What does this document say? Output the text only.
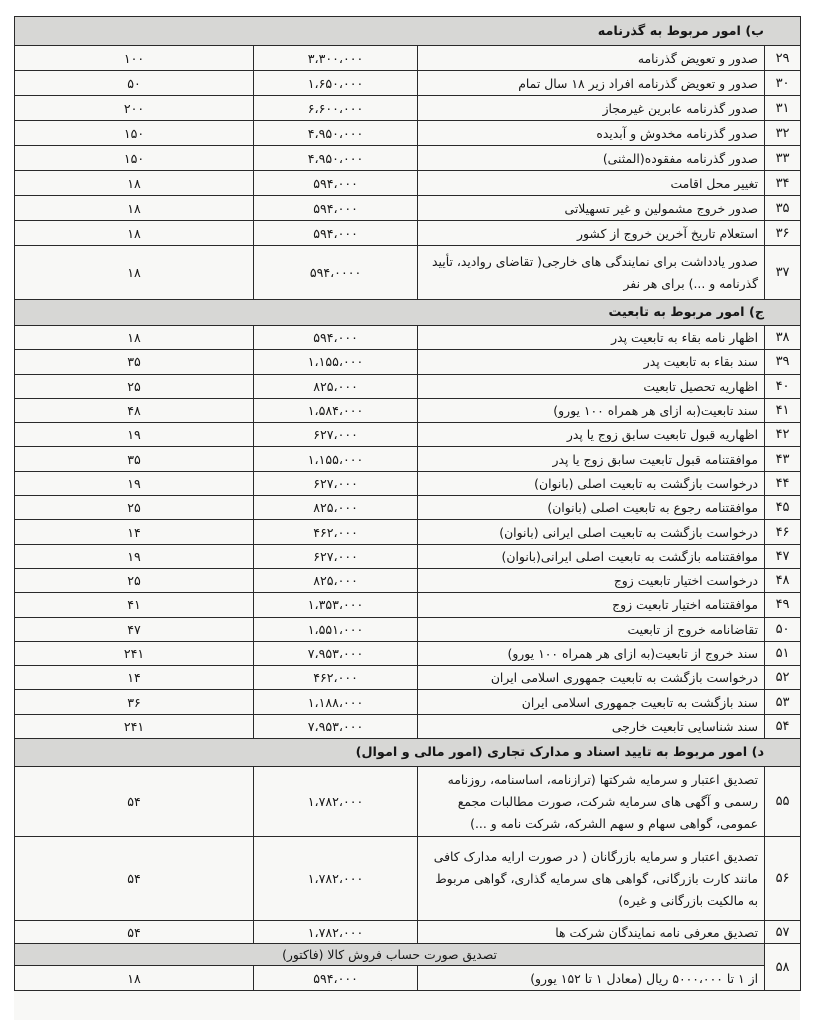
ب) امور مربوط به گذرنامه			
۲۹	صدور و تعویض گذرنامه	۳،۳۰۰،۰۰۰	۱۰۰
۳۰	صدور و تعویض گذرنامه افراد زیر ۱۸ سال تمام	۱،۶۵۰،۰۰۰	۵۰
۳۱	صدور گذرنامه عابرین غیرمجاز	۶،۶۰۰،۰۰۰	۲۰۰
۳۲	صدور گذرنامه مخدوش و آبدیده	۴،۹۵۰،۰۰۰	۱۵۰
۳۳	صدور گذرنامه مفقوده(المثنی)	۴،۹۵۰،۰۰۰	۱۵۰
۳۴	تغییر محل اقامت	۵۹۴،۰۰۰	۱۸
۳۵	صدور خروج مشمولین و غیر تسهیلاتی	۵۹۴،۰۰۰	۱۸
۳۶	استعلام تاریخ آخرین خروج از کشور	۵۹۴،۰۰۰	۱۸
۳۷	صدور یادداشت برای نمایندگی های خارجی( تقاضای روادید، تأیید گذرنامه و ...) برای هر نفر	۵۹۴،۰۰۰۰	۱۸
ج) امور مربوط به تابعیت			
۳۸	اظهار نامه بقاء به تابعیت پدر	۵۹۴،۰۰۰	۱۸
۳۹	سند بقاء به تابعیت پدر	۱،۱۵۵،۰۰۰	۳۵
۴۰	اظهاریه تحصیل تابعیت	۸۲۵،۰۰۰	۲۵
۴۱	سند تابعیت(به ازای هر همراه ۱۰۰ یورو)	۱،۵۸۴،۰۰۰	۴۸
۴۲	اظهاریه قبول تابعیت سابق زوج یا پدر	۶۲۷،۰۰۰	۱۹
۴۳	موافقتنامه قبول تابعیت سابق زوج یا پدر	۱،۱۵۵،۰۰۰	۳۵
۴۴	درخواست بازگشت به تابعیت اصلی (بانوان)	۶۲۷،۰۰۰	۱۹
۴۵	موافقتنامه رجوع به تابعیت اصلی (بانوان)	۸۲۵،۰۰۰	۲۵
۴۶	درخواست بازگشت به تابعیت اصلی ایرانی (بانوان)	۴۶۲،۰۰۰	۱۴
۴۷	موافقتنامه بازگشت به تابعیت اصلی ایرانی(بانوان)	۶۲۷،۰۰۰	۱۹
۴۸	درخواست اختیار تابعیت زوج	۸۲۵،۰۰۰	۲۵
۴۹	موافقتنامه اختیار تابعیت زوج	۱،۳۵۳،۰۰۰	۴۱
۵۰	تقاضانامه خروج از تابعیت	۱،۵۵۱،۰۰۰	۴۷
۵۱	سند خروج از تابعیت(به ازای هر همراه ۱۰۰ یورو)	۷،۹۵۳،۰۰۰	۲۴۱
۵۲	درخواست بازگشت به تابعیت جمهوری اسلامی ایران	۴۶۲،۰۰۰	۱۴
۵۳	سند بازگشت به تابعیت جمهوری اسلامی ایران	۱،۱۸۸،۰۰۰	۳۶
۵۴	سند شناسایی تابعیت خارجی	۷،۹۵۳،۰۰۰	۲۴۱
د) امور مربوط به تایید اسناد و مدارک تجاری (امور مالی و اموال)			
۵۵	تصدیق اعتبار و سرمایه شرکتها (ترازنامه، اساسنامه، روزنامه رسمی و آگهی های سرمایه شرکت، صورت مطالبات مجمع عمومی، گواهی سهام و سهم الشرکه، شرکت نامه و ...)	۱،۷۸۲،۰۰۰	۵۴
۵۶	تصدیق اعتبار و سرمایه بازرگانان ( در صورت ارایه مدارک کافی مانند کارت بازرگانی، گواهی های سرمایه گذاری، گواهی مربوط به مالکیت بازرگانی و غیره)	۱،۷۸۲،۰۰۰	۵۴
۵۷	تصدیق معرفی نامه نمایندگان شرکت ها	۱،۷۸۲،۰۰۰	۵۴
۵۸	تصدیق صورت حساب فروش کالا (فاکتور)		
	از ۱ تا ۵۰۰۰،۰۰۰ ریال (معادل ۱ تا ۱۵۲ یورو)	۵۹۴،۰۰۰	۱۸
